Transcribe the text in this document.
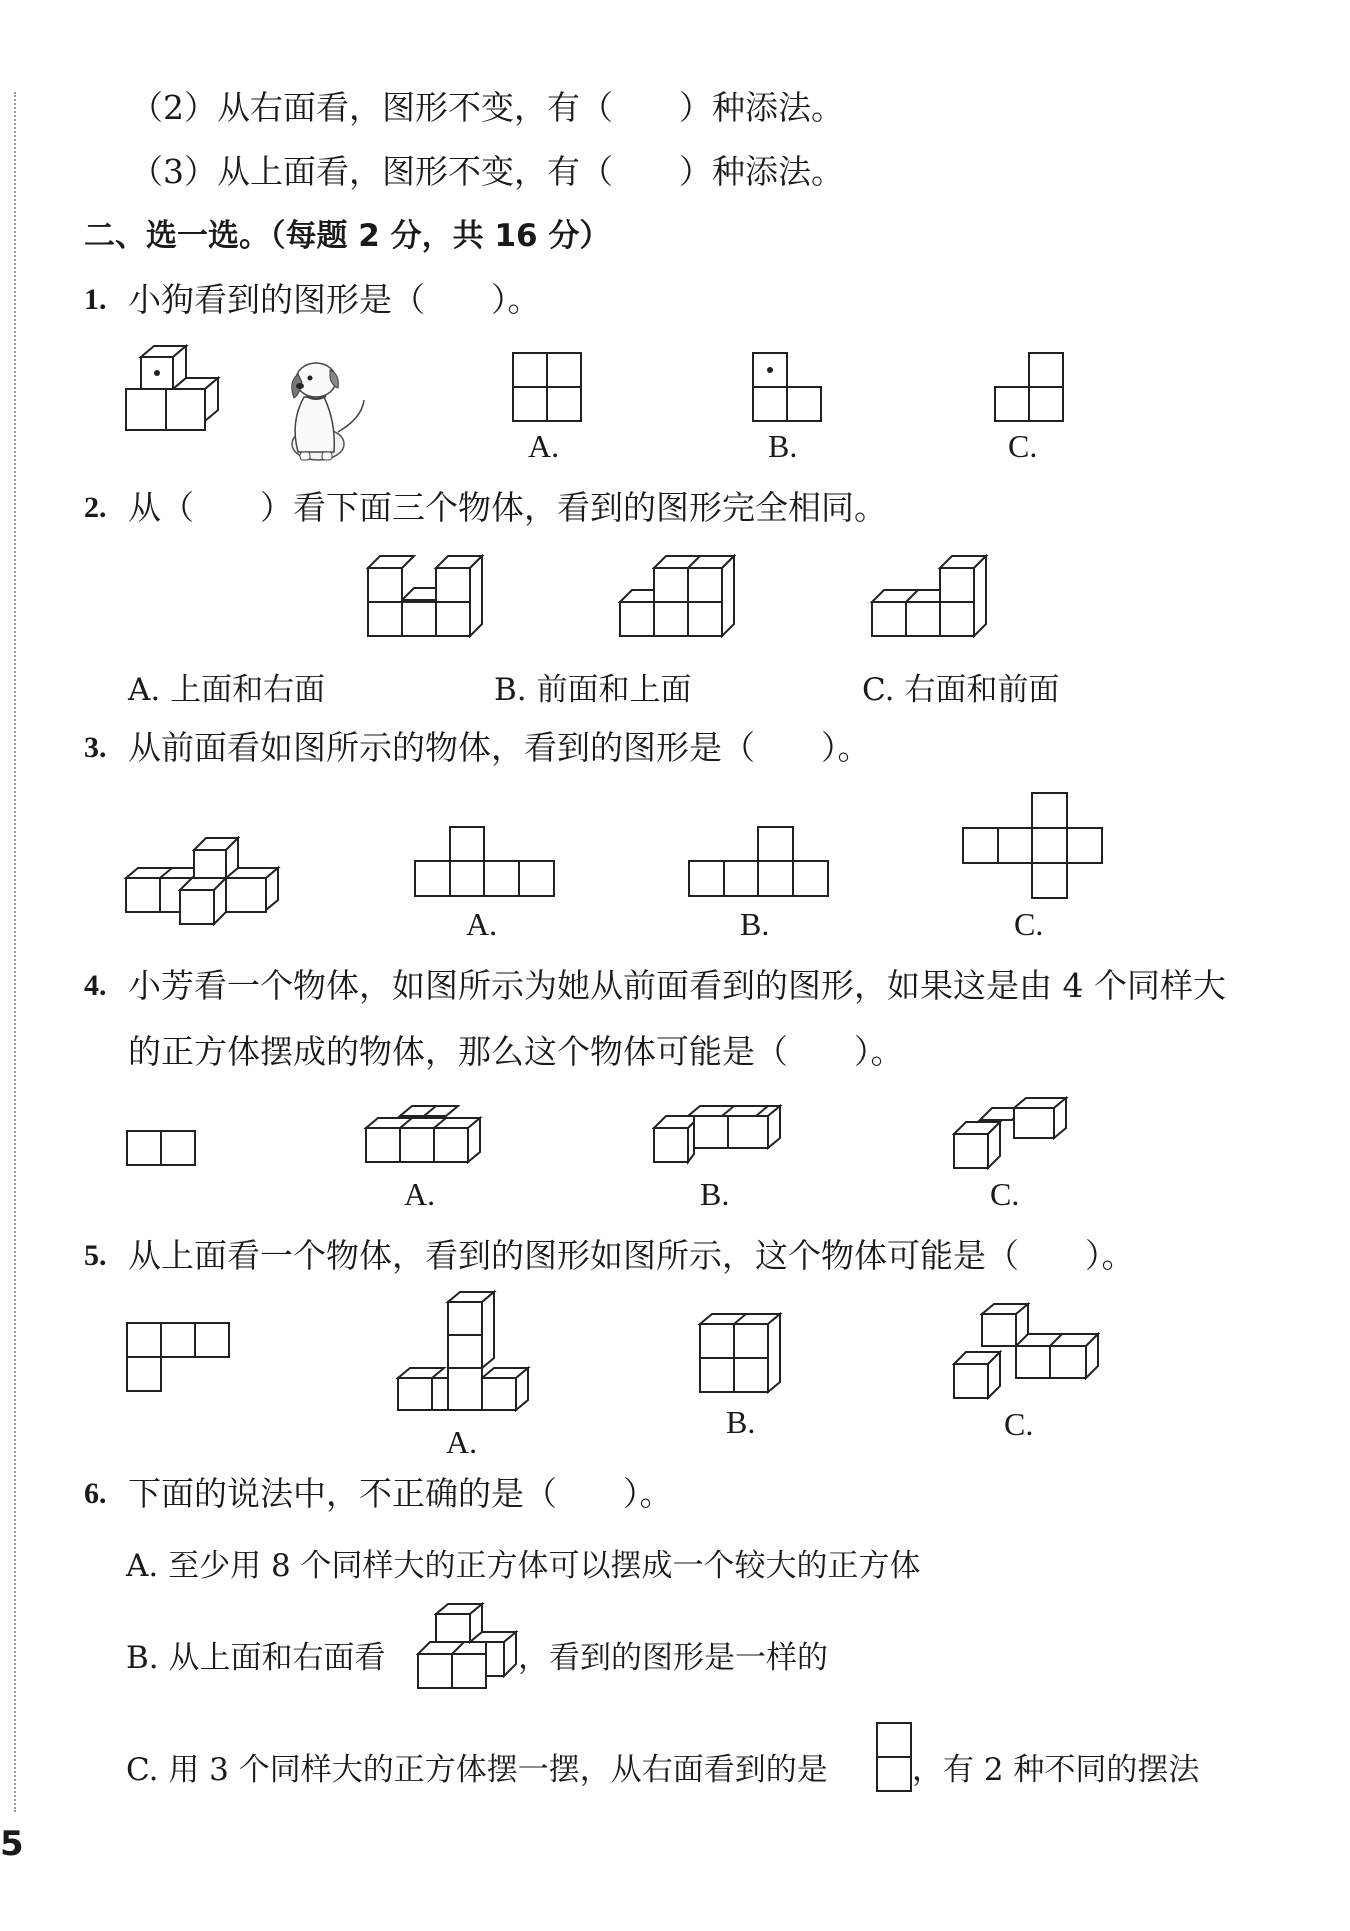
（2）从右面看，图形不变，有（　　）种添法。
（3）从上面看，图形不变，有（　　）种添法。
二、选一选。（每题 2 分，共 16 分）
1. 小狗看到的图形是（　　）。
A.	B.	C.
2. 从（　　）看下面三个物体，看到的图形完全相同。
A. 上面和右面	B. 前面和上面	C. 右面和前面
3. 从前面看如图所示的物体，看到的图形是（　　）。
A.	B.	C.
4. 小芳看一个物体，如图所示为她从前面看到的图形，如果这是由 4 个同样大
的正方体摆成的物体，那么这个物体可能是（　　）。
A.	B.	C.
5. 从上面看一个物体，看到的图形如图所示，这个物体可能是（　　）。
A.
B.	C.
6. 下面的说法中，不正确的是（　　）。
A. 至少用 8 个同样大的正方体可以摆成一个较大的正方体
B. 从上面和右面看	，看到的图形是一样的
C. 用 3 个同样大的正方体摆一摆，从右面看到的是	，有 2 种不同的摆法
5
